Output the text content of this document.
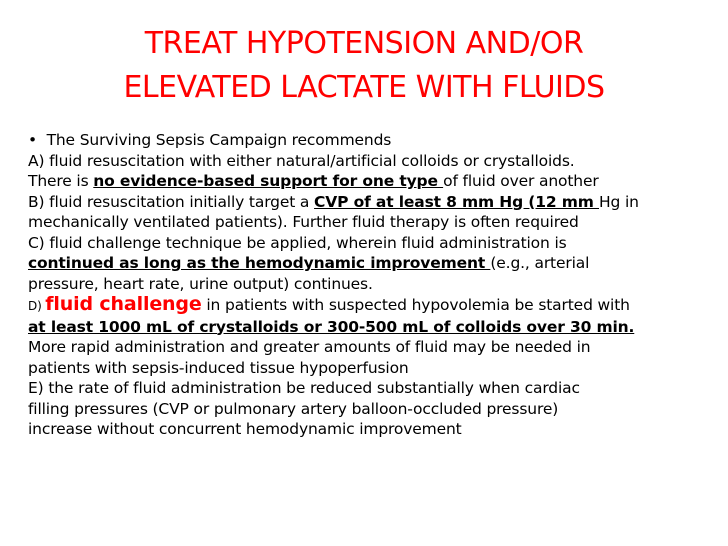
TREAT HYPOTENSION AND/OR
ELEVATED LACTATE WITH FLUIDS
• The Surviving Sepsis Campaign recommends
A) fluid resuscitation with either natural/artificial colloids or crystalloids.
There is no evidence-based support for one type of fluid over another
B) fluid resuscitation initially target a CVP of at least 8 mm Hg (12 mm Hg in
mechanically ventilated patients). Further fluid therapy is often required
C) fluid challenge technique be applied, wherein fluid administration is
continued as long as the hemodynamic improvement (e.g., arterial
pressure, heart rate, urine output) continues.
D) fluid challenge in patients with suspected hypovolemia be started with
at least 1000 mL of crystalloids or 300-500 mL of colloids over 30 min.
More rapid administration and greater amounts of fluid may be needed in
patients with sepsis-induced tissue hypoperfusion
E) the rate of fluid administration be reduced substantially when cardiac
filling pressures (CVP or pulmonary artery balloon-occluded pressure)
increase without concurrent hemodynamic improvement
